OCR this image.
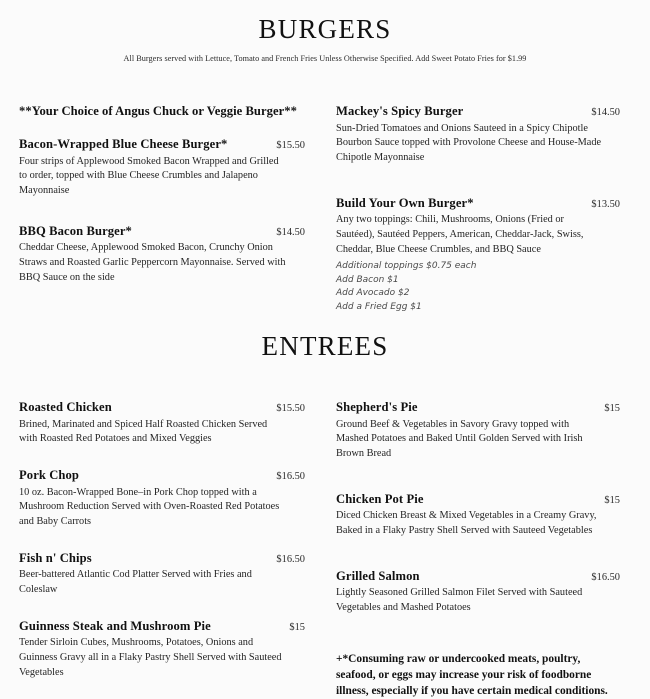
BURGERS

All Burgers served with Lettuce, Tomato and French Fries Unless Otherwise Specified. Add Sweet Potato Fries for $1.99

**Your Choice of Angus Chuck or Veggie Burger**
Bacon-Wrapped Blue Cheese Burger*	$15.50
Four strips of Applewood Smoked Bacon Wrapped and Grilled to order, topped with Blue Cheese Crumbles and Jalapeno Mayonnaise
BBQ Bacon Burger*	$14.50
Cheddar Cheese, Applewood Smoked Bacon, Crunchy Onion Straws and Roasted Garlic Peppercorn Mayonnaise. Served with BBQ Sauce on the side
Mackey's Spicy Burger	$14.50
Sun-Dried Tomatoes and Onions Sauteed in a Spicy Chipotle Bourbon Sauce topped with Provolone Cheese and House-Made Chipotle Mayonnaise
Build Your Own Burger*	$13.50
Any two toppings: Chili, Mushrooms, Onions (Fried or Sautéed), Sautéed Peppers, American, Cheddar-Jack, Swiss, Cheddar, Blue Cheese Crumbles, and BBQ Sauce
Additional toppings $0.75 each
Add Bacon $1
Add Avocado $2
Add a Fried Egg $1
ENTREES
Roasted Chicken	$15.50
Brined, Marinated and Spiced Half Roasted Chicken Served with Roasted Red Potatoes and Mixed Veggies
Pork Chop	$16.50
10 oz. Bacon-Wrapped Bone–in Pork Chop topped with a Mushroom Reduction Served with Oven-Roasted Red Potatoes and Baby Carrots
Fish n' Chips	$16.50
Beer-battered Atlantic Cod Platter Served with Fries and Coleslaw
Guinness Steak and Mushroom Pie	$15
Tender Sirloin Cubes, Mushrooms, Potatoes, Onions and Guinness Gravy all in a Flaky Pastry Shell Served with Sauteed Vegetables
Shepherd's Pie	$15
Ground Beef & Vegetables in Savory Gravy topped with Mashed Potatoes and Baked Until Golden Served with Irish Brown Bread
Chicken Pot Pie	$15
Diced Chicken Breast & Mixed Vegetables in a Creamy Gravy, Baked in a Flaky Pastry Shell Served with Sauteed Vegetables
Grilled Salmon	$16.50
Lightly Seasoned Grilled Salmon Filet Served with Sauteed Vegetables and Mashed Potatoes
+*Consuming raw or undercooked meats, poultry, seafood, or eggs may increase your risk of foodborne illness, especially if you have certain medical conditions.
